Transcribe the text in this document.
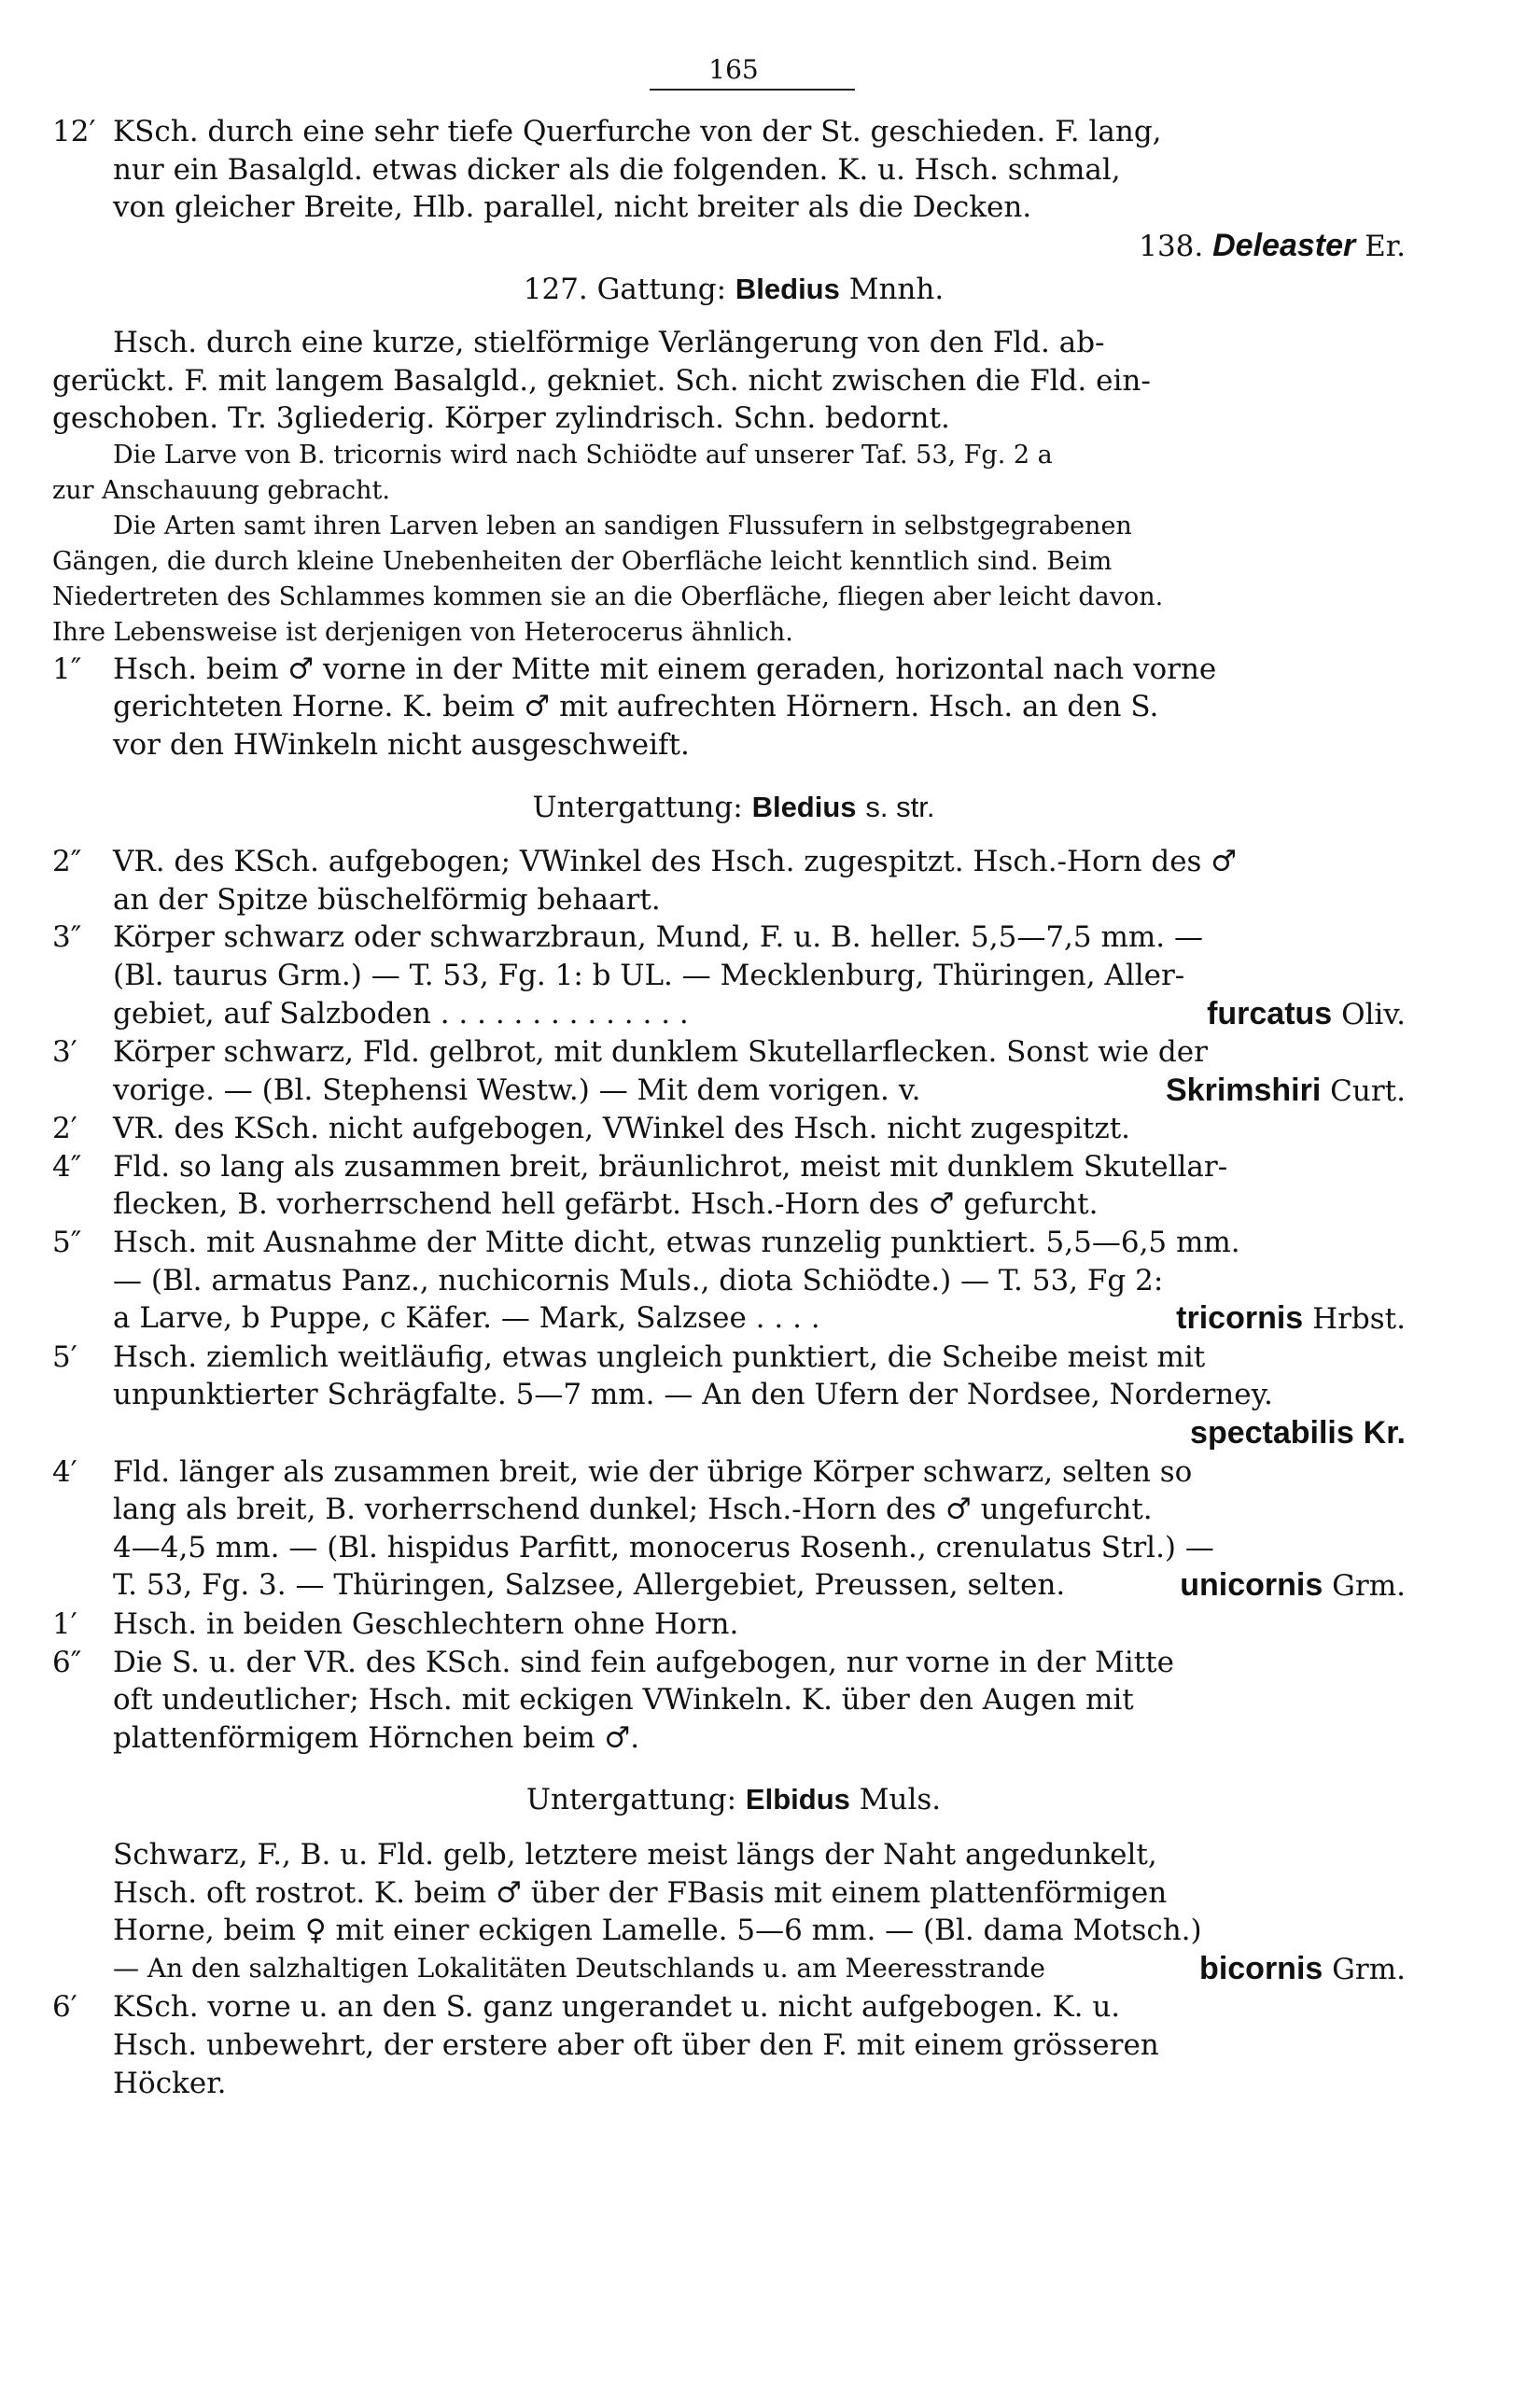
165
12′ KSch. durch eine sehr tiefe Querfurche von der St. geschieden. F. lang,
nur ein Basalgld. etwas dicker als die folgenden. K. u. Hsch. schmal,
von gleicher Breite, Hlb. parallel, nicht breiter als die Decken.
138. Deleaster Er.
127. Gattung: Bledius Mnnh.
Hsch. durch eine kurze, stielförmige Verlängerung von den Fld. ab-
gerückt. F. mit langem Basalgld., gekniet. Sch. nicht zwischen die Fld. ein-
geschoben. Tr. 3gliederig. Körper zylindrisch. Schn. bedornt.
Die Larve von B. tricornis wird nach Schiödte auf unserer Taf. 53, Fg. 2 a
zur Anschauung gebracht.
Die Arten samt ihren Larven leben an sandigen Flussufern in selbstgegrabenen
Gängen, die durch kleine Unebenheiten der Oberfläche leicht kenntlich sind. Beim
Niedertreten des Schlammes kommen sie an die Oberfläche, fliegen aber leicht davon.
Ihre Lebensweise ist derjenigen von Heterocerus ähnlich.
1″	Hsch. beim ♂ vorne in der Mitte mit einem geraden, horizontal nach vorne
gerichteten Horne. K. beim ♂ mit aufrechten Hörnern. Hsch. an den S.
vor den HWinkeln nicht ausgeschweift.
Untergattung: Bledius s. str.
2″	VR. des KSch. aufgebogen; VWinkel des Hsch. zugespitzt. Hsch.-Horn des ♂
an der Spitze büschelförmig behaart.
3″	Körper schwarz oder schwarzbraun, Mund, F. u. B. heller. 5,5—7,5 mm. —
(Bl. taurus Grm.) — T. 53, Fg. 1: b UL. — Mecklenburg, Thüringen, Aller-
gebiet, auf Salzboden . . . . . . . . . . . . . .	furcatus Oliv.
3′	Körper schwarz, Fld. gelbrot, mit dunklem Skutellarflecken. Sonst wie der
vorige. — (Bl. Stephensi Westw.) — Mit dem vorigen. v.	Skrimshiri Curt.
2′	VR. des KSch. nicht aufgebogen, VWinkel des Hsch. nicht zugespitzt.
4″	Fld. so lang als zusammen breit, bräunlichrot, meist mit dunklem Skutellar-
flecken, B. vorherrschend hell gefärbt. Hsch.-Horn des ♂ gefurcht.
5″	Hsch. mit Ausnahme der Mitte dicht, etwas runzelig punktiert. 5,5—6,5 mm.
— (Bl. armatus Panz., nuchicornis Muls., diota Schiödte.) — T. 53, Fg 2:
a Larve, b Puppe, c Käfer. — Mark, Salzsee . . . .	tricornis Hrbst.
5′	Hsch. ziemlich weitläufig, etwas ungleich punktiert, die Scheibe meist mit
unpunktierter Schrägfalte. 5—7 mm. — An den Ufern der Nordsee, Norderney.
spectabilis Kr.
4′	Fld. länger als zusammen breit, wie der übrige Körper schwarz, selten so
lang als breit, B. vorherrschend dunkel; Hsch.-Horn des ♂ ungefurcht.
4—4,5 mm. — (Bl. hispidus Parfitt, monocerus Rosenh., crenulatus Strl.) —
T. 53, Fg. 3. — Thüringen, Salzsee, Allergebiet, Preussen, selten.	unicornis Grm.
1′	Hsch. in beiden Geschlechtern ohne Horn.
6″	Die S. u. der VR. des KSch. sind fein aufgebogen, nur vorne in der Mitte
oft undeutlicher; Hsch. mit eckigen VWinkeln. K. über den Augen mit
plattenförmigem Hörnchen beim ♂.
Untergattung: Elbidus Muls.
Schwarz, F., B. u. Fld. gelb, letztere meist längs der Naht angedunkelt,
Hsch. oft rostrot. K. beim ♂ über der FBasis mit einem plattenförmigen
Horne, beim ♀ mit einer eckigen Lamelle. 5—6 mm. — (Bl. dama Motsch.)
— An den salzhaltigen Lokalitäten Deutschlands u. am Meeresstrande	bicornis Grm.
6′	KSch. vorne u. an den S. ganz ungerandet u. nicht aufgebogen. K. u.
Hsch. unbewehrt, der erstere aber oft über den F. mit einem grösseren
Höcker.
